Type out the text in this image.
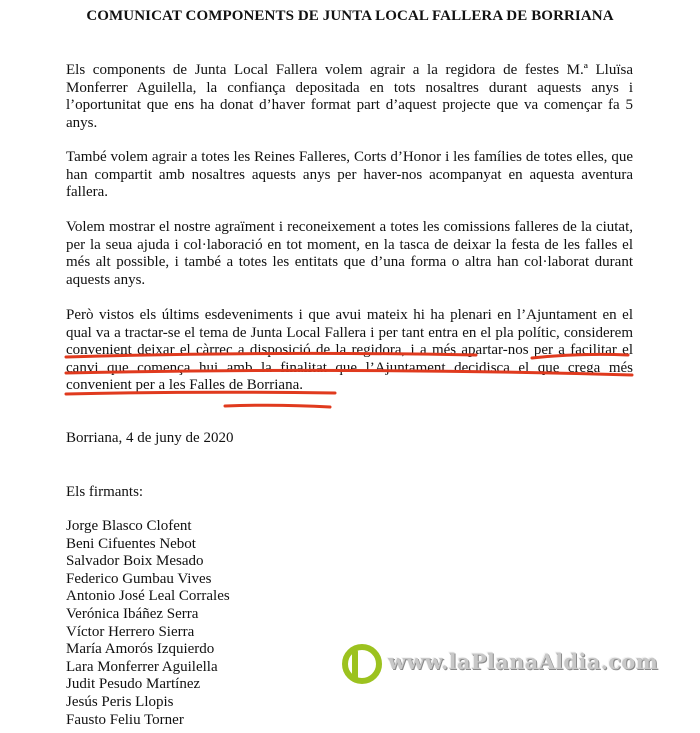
COMUNICAT COMPONENTS DE JUNTA LOCAL FALLERA DE BORRIANA

Els components de Junta Local Fallera volem agrair a la regidora de festes M.ª Lluïsa Monferrer Aguilella, la confiança depositada en tots nosaltres durant aquests anys i l’oportunitat que ens ha donat d’haver format part d’aquest projecte que va començar fa 5 anys.

També volem agrair a totes les Reines Falleres, Corts d’Honor i les famílies de totes elles, que han compartit amb nosaltres aquests anys per haver-nos acompanyat en aquesta aventura fallera.

Volem mostrar el nostre agraïment i reconeixement a totes les comissions falleres de la ciutat, per la seua ajuda i col·laboració en tot moment, en la tasca de deixar la festa de les falles el més alt possible, i també a totes les entitats que d’una forma o altra han col·laborat durant aquests anys.

Però vistos els últims esdeveniments i que avui mateix hi ha plenari en l’Ajuntament en el qual va a tractar-se el tema de Junta Local Fallera i per tant entra en el pla polític, considerem convenient deixar el càrrec a disposició de la regidora, i a més apartar-nos per a facilitar el canvi que comença hui amb la finalitat que l’Ajuntament decidisca el que crega més convenient per a les Falles de Borriana.

Borriana, 4 de juny de 2020
Els firmants:
Jorge Blasco Clofent
Beni Cifuentes Nebot
Salvador Boix Mesado
Federico Gumbau Vives
Antonio José Leal Corrales
Verónica Ibáñez Serra
Víctor Herrero Sierra
María Amorós Izquierdo
Lara Monferrer Aguilella
Judit Pesudo Martínez
Jesús Peris Llopis
Fausto Feliu Torner
www.laPlanaAldia.com
